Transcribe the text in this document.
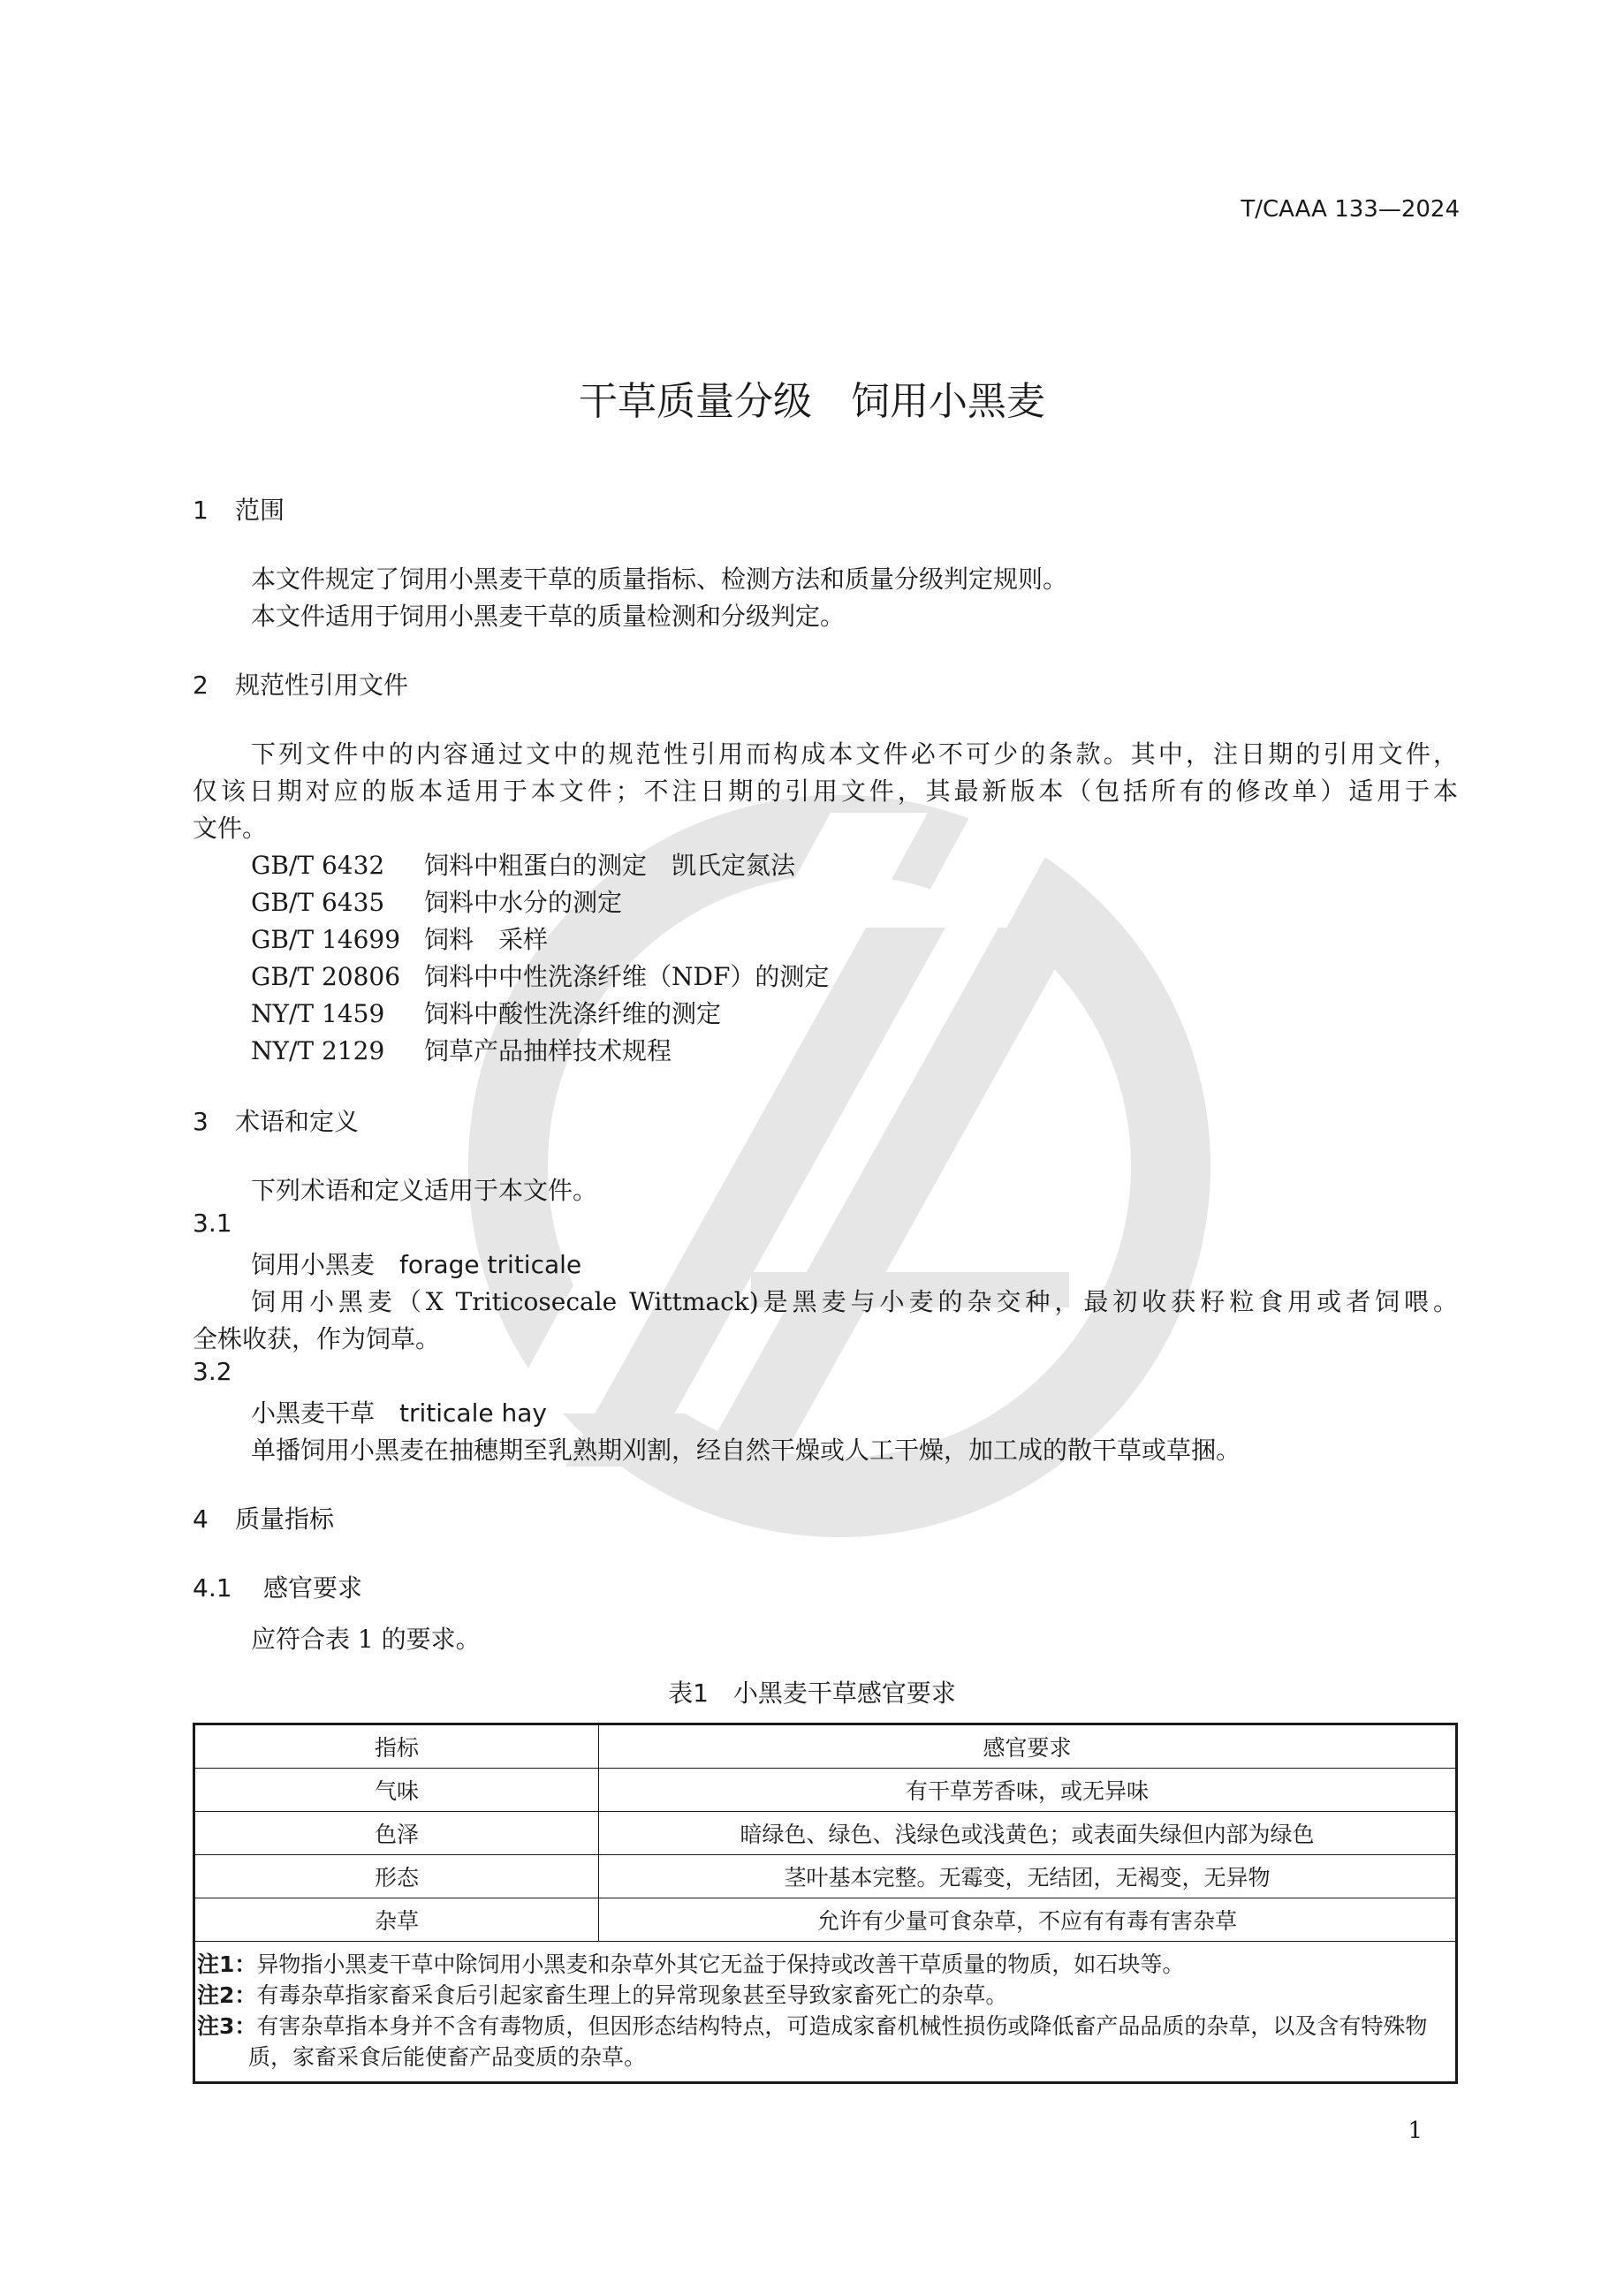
T/CAAA 133—2024
干草质量分级　饲用小黑麦
1 范围
本文件规定了饲用小黑麦干草的质量指标、检测方法和质量分级判定规则。
本文件适用于饲用小黑麦干草的质量检测和分级判定。
2 规范性引用文件
下列文件中的内容通过文中的规范性引用而构成本文件必不可少的条款。其中，注日期的引用文件，
仅该日期对应的版本适用于本文件；不注日期的引用文件，其最新版本（包括所有的修改单）适用于本
文件。
GB/T 6432 饲料中粗蛋白的测定　凯氏定氮法
GB/T 6435 饲料中水分的测定
GB/T 14699 饲料　采样
GB/T 20806 饲料中中性洗涤纤维（NDF）的测定
NY/T 1459 饲料中酸性洗涤纤维的测定
NY/T 2129 饲草产品抽样技术规程
3 术语和定义
下列术语和定义适用于本文件。
3.1
饲用小黑麦　forage triticale
饲用小黑麦（X Triticosecale Wittmack)是黑麦与小麦的杂交种，最初收获籽粒食用或者饲喂。
全株收获，作为饲草。
3.2
小黑麦干草　triticale hay
单播饲用小黑麦在抽穗期至乳熟期刈割，经自然干燥或人工干燥，加工成的散干草或草捆。
4 质量指标
4.1 感官要求
应符合表 1 的要求。
表1　小黑麦干草感官要求
指标	感官要求
气味	有干草芳香味，或无异味
色泽	暗绿色、绿色、浅绿色或浅黄色；或表面失绿但内部为绿色
形态	茎叶基本完整。无霉变，无结团，无褐变，无异物
杂草	允许有少量可食杂草，不应有有毒有害杂草

注1：异物指小黑麦干草中除饲用小黑麦和杂草外其它无益于保持或改善干草质量的物质，如石块等。
注2：有毒杂草指家畜采食后引起家畜生理上的异常现象甚至导致家畜死亡的杂草。
注3：有害杂草指本身并不含有毒物质，但因形态结构特点，可造成家畜机械性损伤或降低畜产品品质的杂草，以及含有特殊物质，家畜采食后能使畜产品变质的杂草。	
1
